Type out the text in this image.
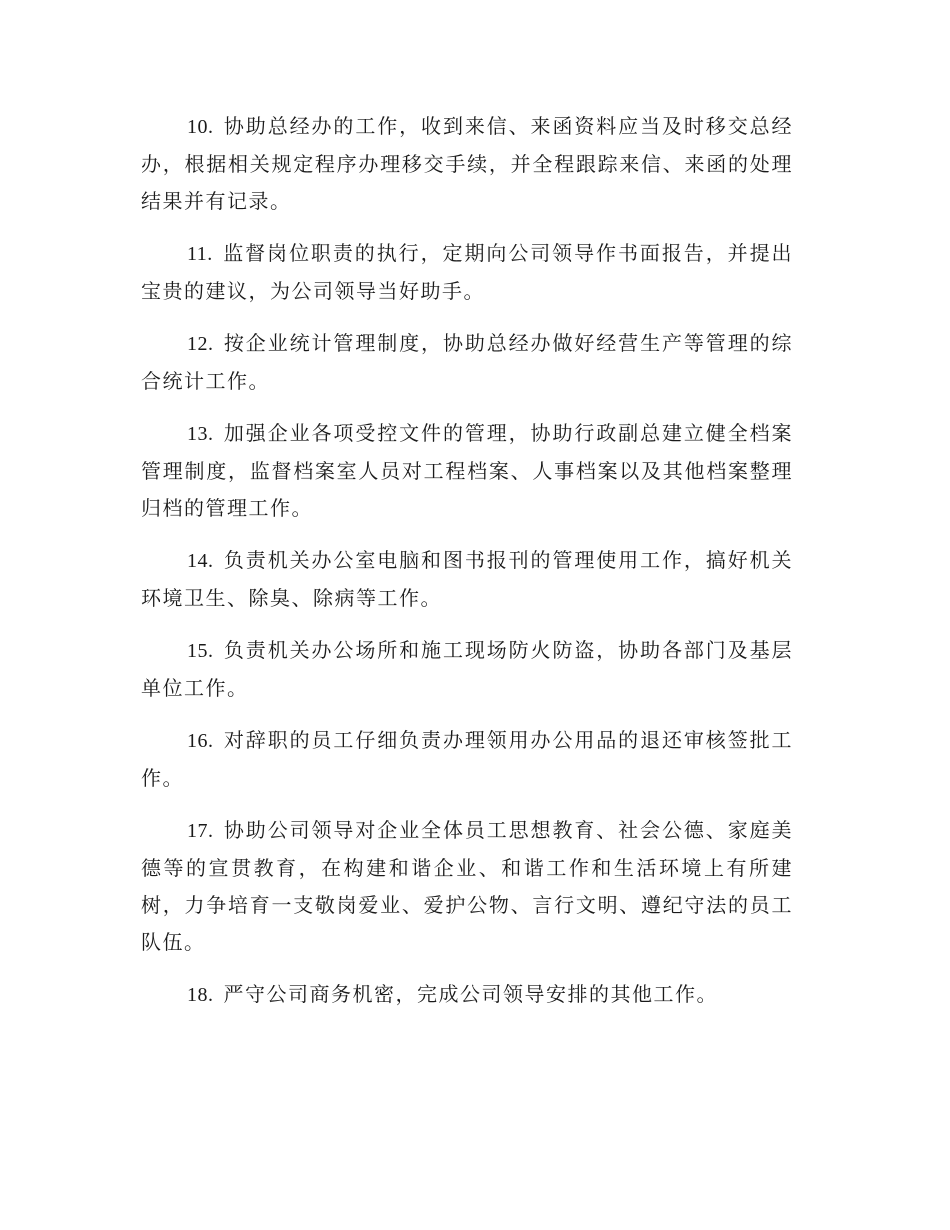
10. 协助总经办的工作，收到来信、来函资料应当及时移交总经办，根据相关规定程序办理移交手续，并全程跟踪来信、来函的处理结果并有记录。

11. 监督岗位职责的执行，定期向公司领导作书面报告，并提出宝贵的建议，为公司领导当好助手。

12. 按企业统计管理制度，协助总经办做好经营生产等管理的综合统计工作。

13. 加强企业各项受控文件的管理，协助行政副总建立健全档案管理制度，监督档案室人员对工程档案、人事档案以及其他档案整理归档的管理工作。

14. 负责机关办公室电脑和图书报刊的管理使用工作，搞好机关环境卫生、除臭、除病等工作。

15. 负责机关办公场所和施工现场防火防盗，协助各部门及基层单位工作。

16. 对辞职的员工仔细负责办理领用办公用品的退还审核签批工作。

17. 协助公司领导对企业全体员工思想教育、社会公德、家庭美德等的宣贯教育，在构建和谐企业、和谐工作和生活环境上有所建树，力争培育一支敬岗爱业、爱护公物、言行文明、遵纪守法的员工队伍。

18. 严守公司商务机密，完成公司领导安排的其他工作。
